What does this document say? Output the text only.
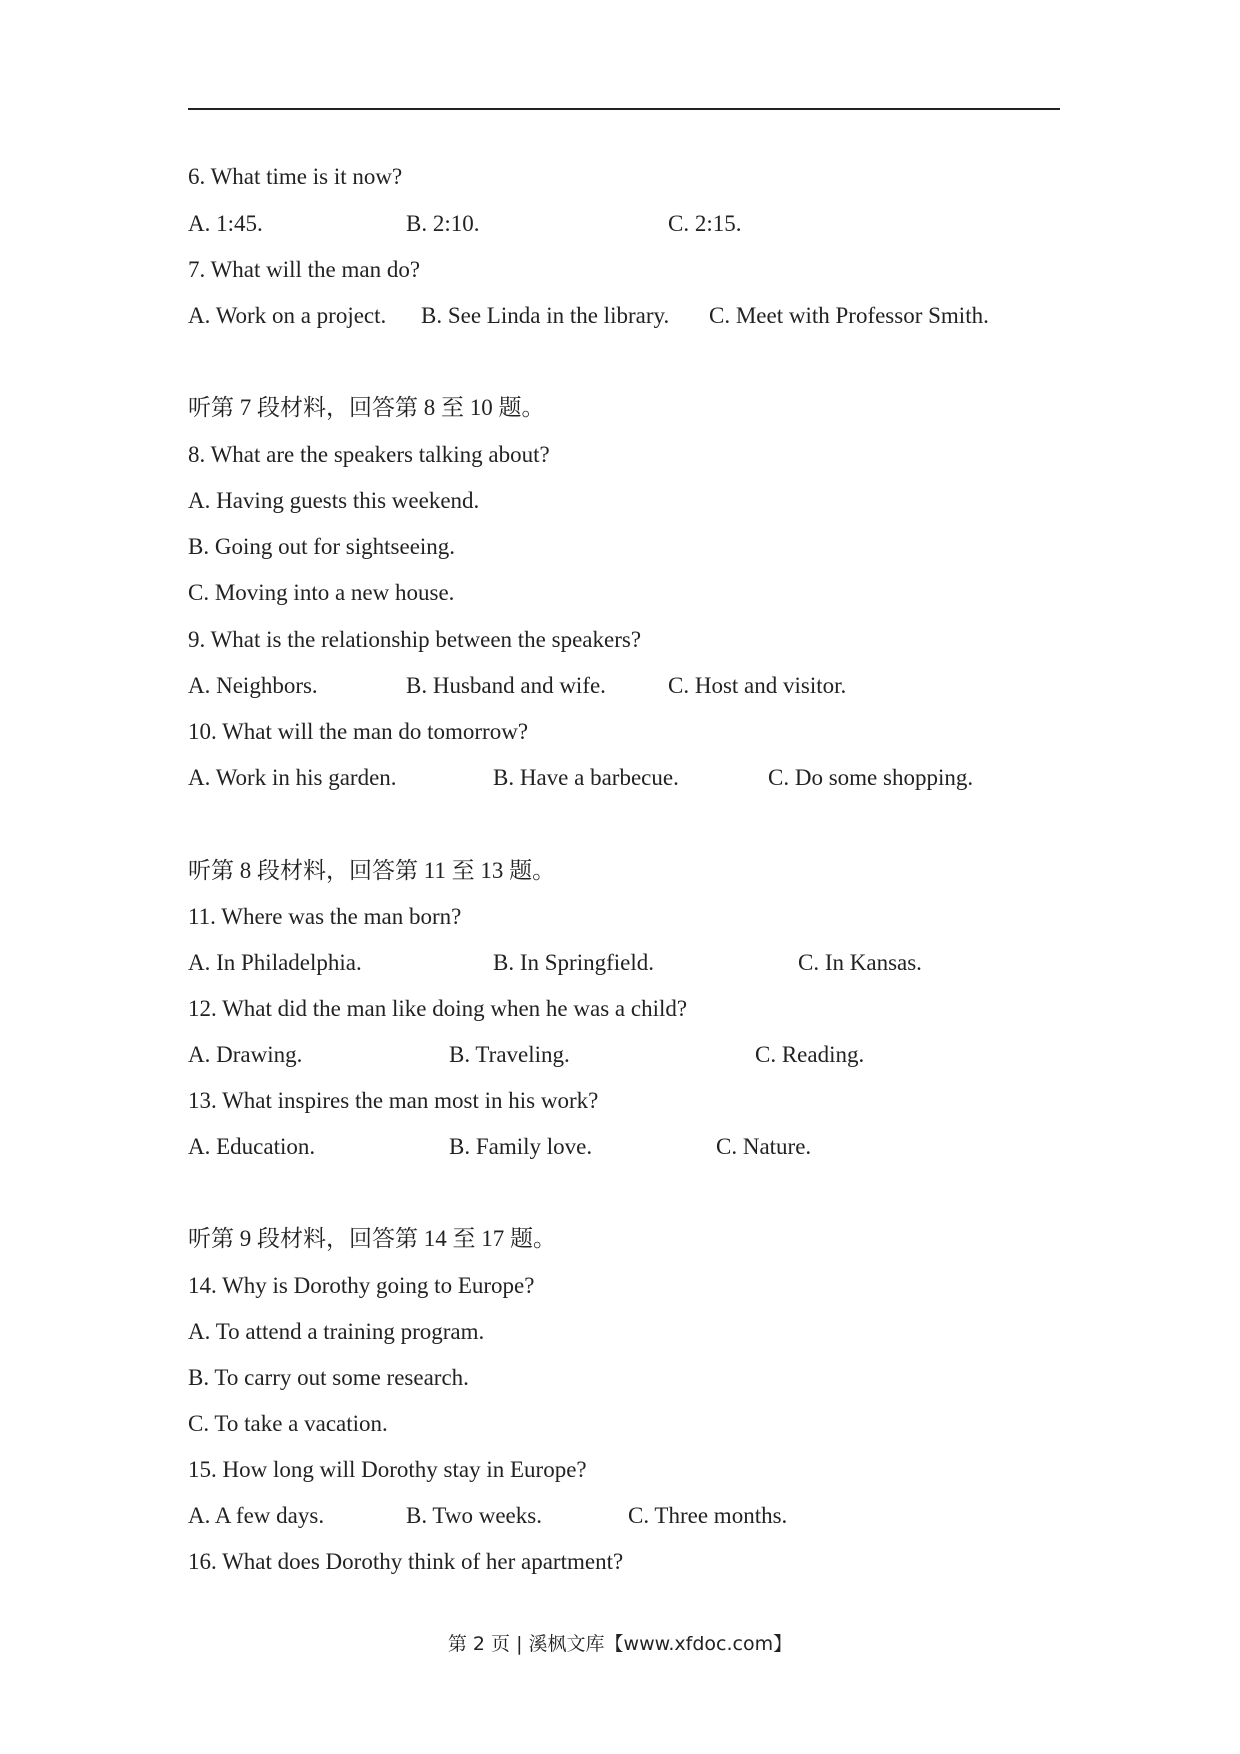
6. What time is it now?
A. 1:45.	B. 2:10.	C. 2:15.
7. What will the man do?
A. Work on a project. B. See Linda in the library. C. Meet with Professor Smith.
听第 7 段材料，回答第 8 至 10 题。
8. What are the speakers talking about?
A. Having guests this weekend.
B. Going out for sightseeing.
C. Moving into a new house.
9. What is the relationship between the speakers?
A. Neighbors.	B. Husband and wife.	C. Host and visitor.
10. What will the man do tomorrow?
A. Work in his garden.	B. Have a barbecue.	C. Do some shopping.
听第 8 段材料，回答第 11 至 13 题。
11. Where was the man born?
A. In Philadelphia.	B. In Springfield.	C. In Kansas.
12. What did the man like doing when he was a child?
A. Drawing.	B. Traveling.	C. Reading.
13. What inspires the man most in his work?
A. Education.	B. Family love.	C. Nature.
听第 9 段材料，回答第 14 至 17 题。
14. Why is Dorothy going to Europe?
A. To attend a training program.
B. To carry out some research.
C. To take a vacation.
15. How long will Dorothy stay in Europe?
A. A few days.	B. Two weeks.	C. Three months.
16. What does Dorothy think of her apartment?
第 2 页 | 溪枫文库【www.xfdoc.com】
